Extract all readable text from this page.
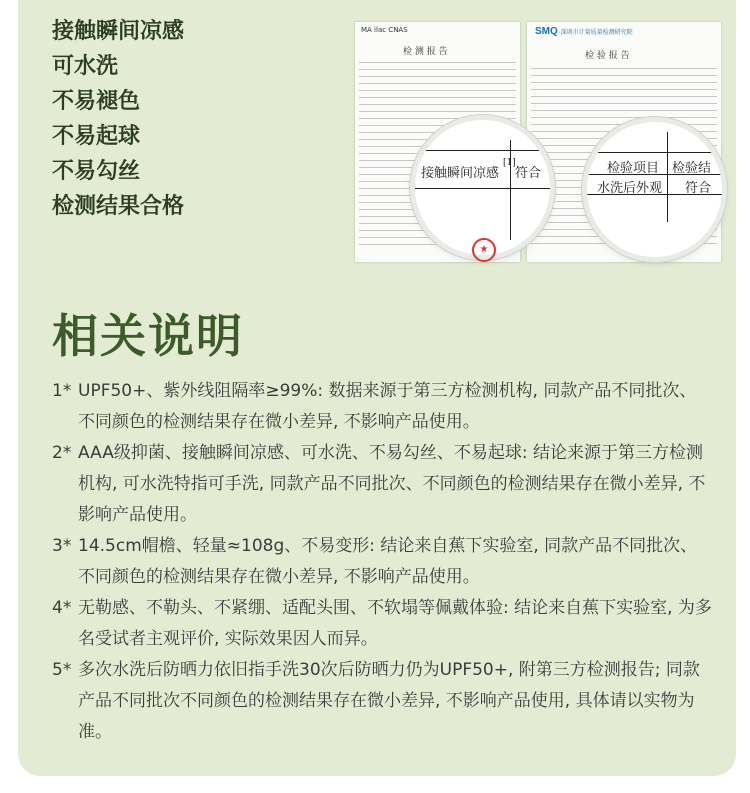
接触瞬间凉感
可水洗
不易褪色
不易起球
不易勾丝
检测结果合格
MA ilac CNAS
检 测 报 告
SMQ 深圳市计量质量检测研究院
检 验 报 告
接触瞬间凉感
[1]
符合	检验项目 检验结
水洗后外观 符合
★
相关说明

1* UPF50+、紫外线阻隔率≥99%: 数据来源于第三方检测机构, 同款产品不同批次、不同颜色的检测结果存在微小差异, 不影响产品使用。

2* AAA级抑菌、接触瞬间凉感、可水洗、不易勾丝、不易起球: 结论来源于第三方检测机构, 可水洗特指可手洗, 同款产品不同批次、不同颜色的检测结果存在微小差异, 不影响产品使用。

3* 14.5cm帽檐、轻量≈108g、不易变形: 结论来自蕉下实验室, 同款产品不同批次、不同颜色的检测结果存在微小差异, 不影响产品使用。

4* 无勒感、不勒头、不紧绷、适配头围、不软塌等佩戴体验: 结论来自蕉下实验室, 为多名受试者主观评价, 实际效果因人而异。

5* 多次水洗后防晒力依旧指手洗30次后防晒力仍为UPF50+, 附第三方检测报告; 同款产品不同批次不同颜色的检测结果存在微小差异, 不影响产品使用, 具体请以实物为准。
